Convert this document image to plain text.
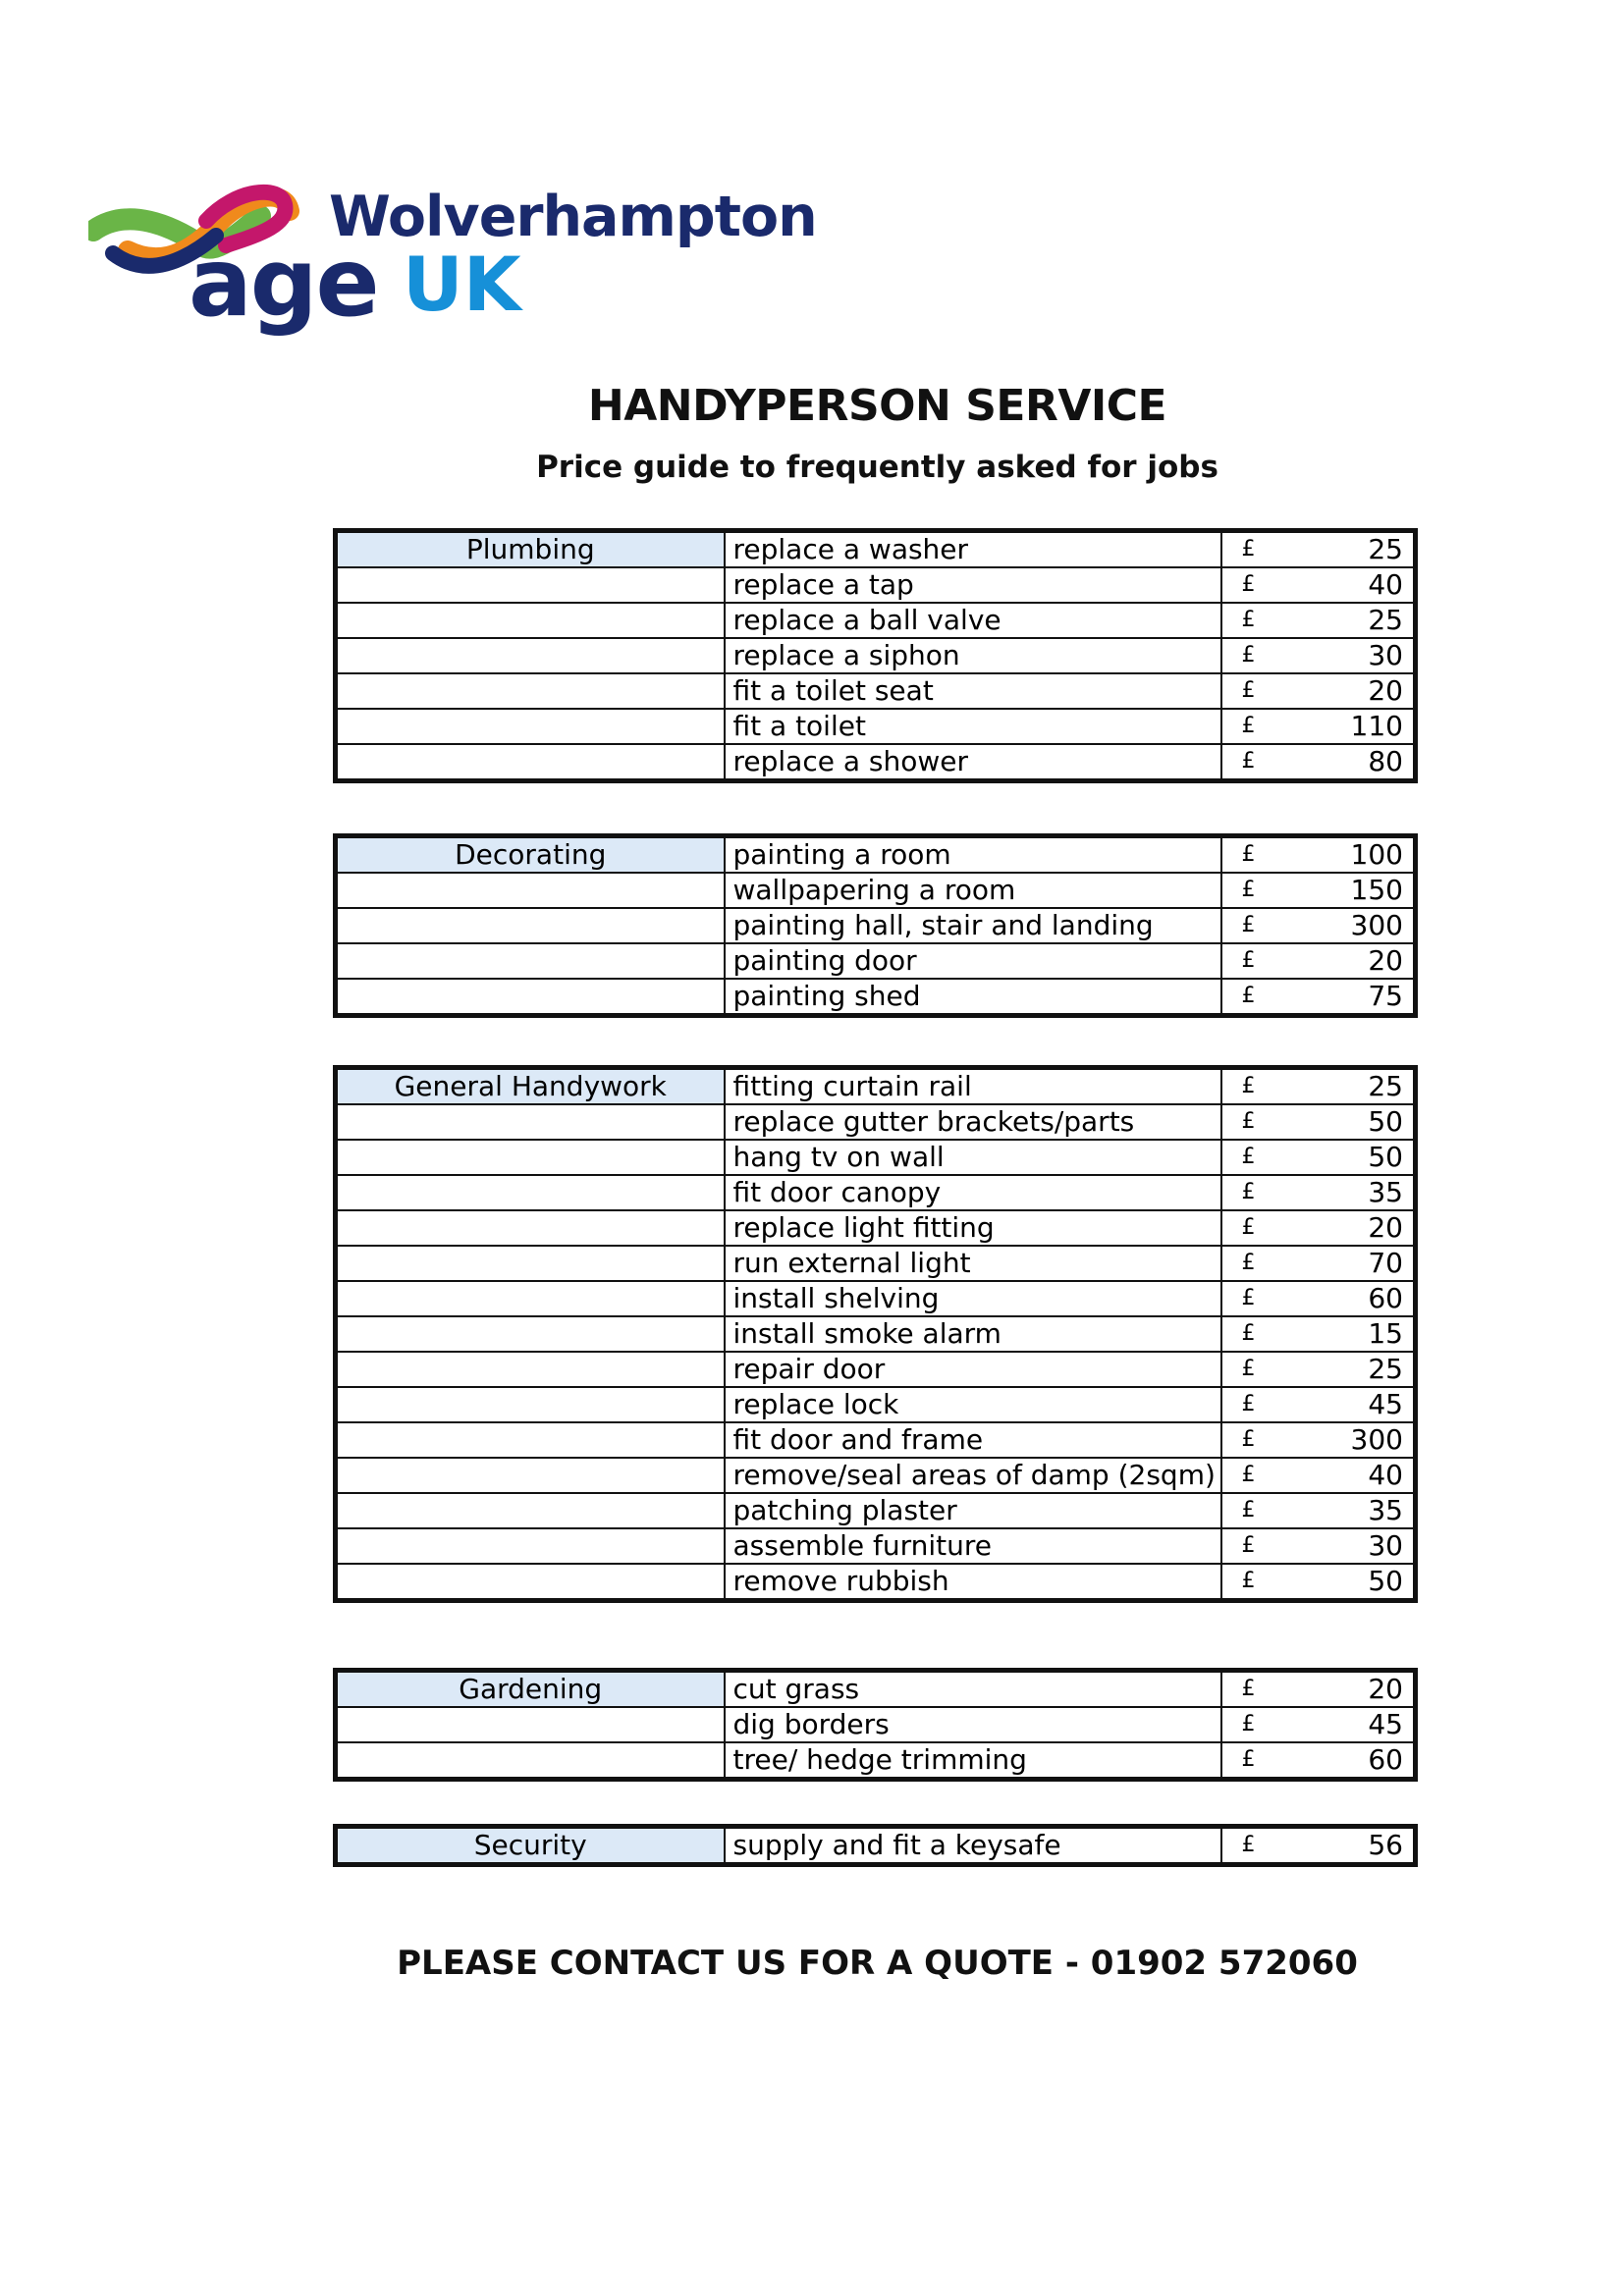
Wolverhampton
age UK
HANDYPERSON SERVICE
Price guide to frequently asked for jobs
Plumbing	replace a washer	£ 25

	replace a tap	£ 40

	replace a ball valve	£ 25

	replace a siphon	£ 30

	fit a toilet seat	£ 20

	fit a toilet	£ 110

	replace a shower	£ 80
Decorating	painting a room	£ 100

	wallpapering a room	£ 150

	painting hall, stair and landing	£ 300

	painting door	£ 20

	painting shed	£ 75
General Handywork	fitting curtain rail	£ 25

	replace gutter brackets/parts	£ 50

	hang tv on wall	£ 50

	fit door canopy	£ 35

	replace light fitting	£ 20

	run external light	£ 70

	install shelving	£ 60

	install smoke alarm	£ 15

	repair door	£ 25

	replace lock	£ 45

	fit door and frame	£ 300

	remove/seal areas of damp (2sqm)	£ 40

	patching plaster	£ 35

	assemble furniture	£ 30

	remove rubbish	£ 50
Gardening	cut grass	£ 20

	dig borders	£ 45

	tree/ hedge trimming	£ 60
Security	supply and fit a keysafe	£	56
PLEASE CONTACT US FOR A QUOTE - 01902 572060
